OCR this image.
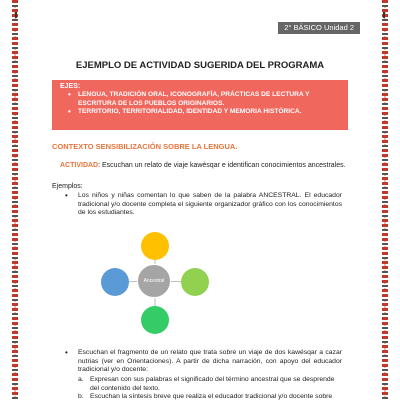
2° BÁSICO Unidad 2
EJEMPLO DE ACTIVIDAD SUGERIDA DEL PROGRAMA
EJES:
• LENGUA, TRADICIÓN ORAL, ICONOGRAFÍA, PRÁCTICAS DE LECTURA Y ESCRITURA DE LOS PUEBLOS ORIGINARIOS.
• TERRITORIO, TERRITORIALIDAD, IDENTIDAD Y MEMORIA HISTÓRICA.
CONTEXTO SENSIBILIZACIÓN SOBRE LA LENGUA.
ACTIVIDAD: Escuchan un relato de viaje kawésqar e identifican conocimientos ancestrales.
Ejemplos:
• Los niños y niñas comentan lo que saben de la palabra ANCESTRAL. El educador tradicional y/o docente completa el siguiente organizador gráfico con los conocimientos de los estudiantes.
Ancestral
• Escuchan el fragmento de un relato que trata sobre un viaje de dos kawésqar a cazar nutrias (ver en Orientaciones). A partir de dicha narración, con apoyo del educador tradicional y/o docente:
a. Expresan con sus palabras el significado del término ancestral que se desprende del contenido del texto.
b. Escuchan la síntesis breve que realiza el educador tradicional y/o docente sobre
